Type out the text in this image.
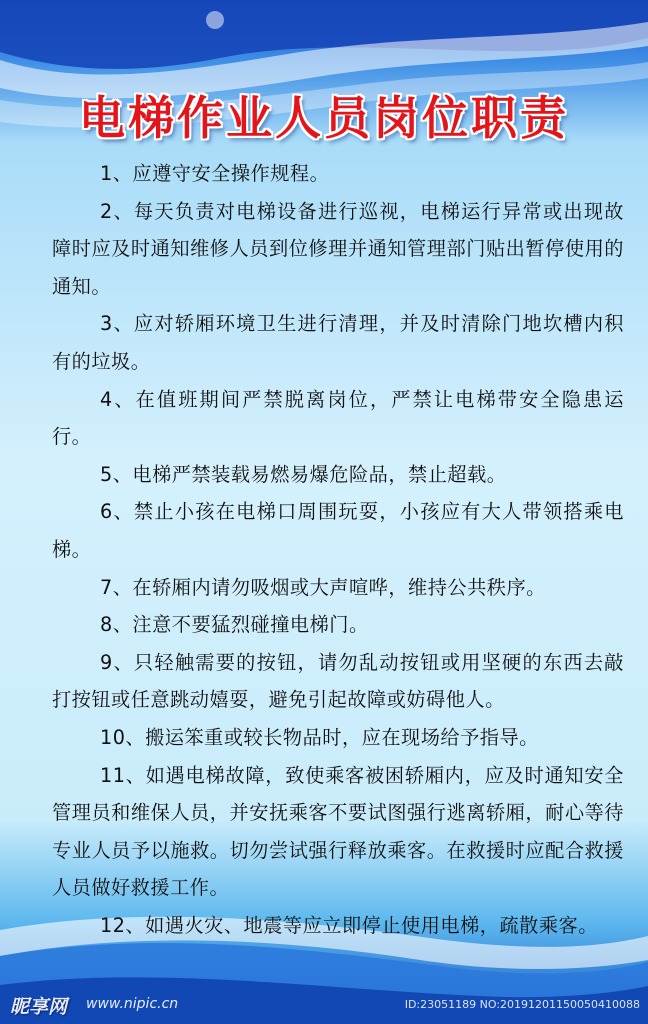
电梯作业人员岗位职责

1、应遵守安全操作规程。

2、每天负责对电梯设备进行巡视，电梯运行异常或出现故障时应及时通知维修人员到位修理并通知管理部门贴出暂停使用的通知。

3、应对轿厢环境卫生进行清理，并及时清除门地坎槽内积有的垃圾。

4、在值班期间严禁脱离岗位，严禁让电梯带安全隐患运行。

5、电梯严禁装载易燃易爆危险品，禁止超载。

6、禁止小孩在电梯口周围玩耍，小孩应有大人带领搭乘电梯。

7、在轿厢内请勿吸烟或大声喧哗，维持公共秩序。

8、注意不要猛烈碰撞电梯门。

9、只轻触需要的按钮，请勿乱动按钮或用坚硬的东西去敲打按钮或任意跳动嬉耍，避免引起故障或妨碍他人。

10、搬运笨重或较长物品时，应在现场给予指导。

11、如遇电梯故障，致使乘客被困轿厢内，应及时通知安全管理员和维保人员，并安抚乘客不要试图强行逃离轿厢，耐心等待专业人员予以施救。切勿尝试强行释放乘客。在救援时应配合救援人员做好救援工作。

12、如遇火灾、地震等应立即停止使用电梯，疏散乘客。

昵享网 www.nipic.cn	ID:23051189 NO:20191201150050410088
